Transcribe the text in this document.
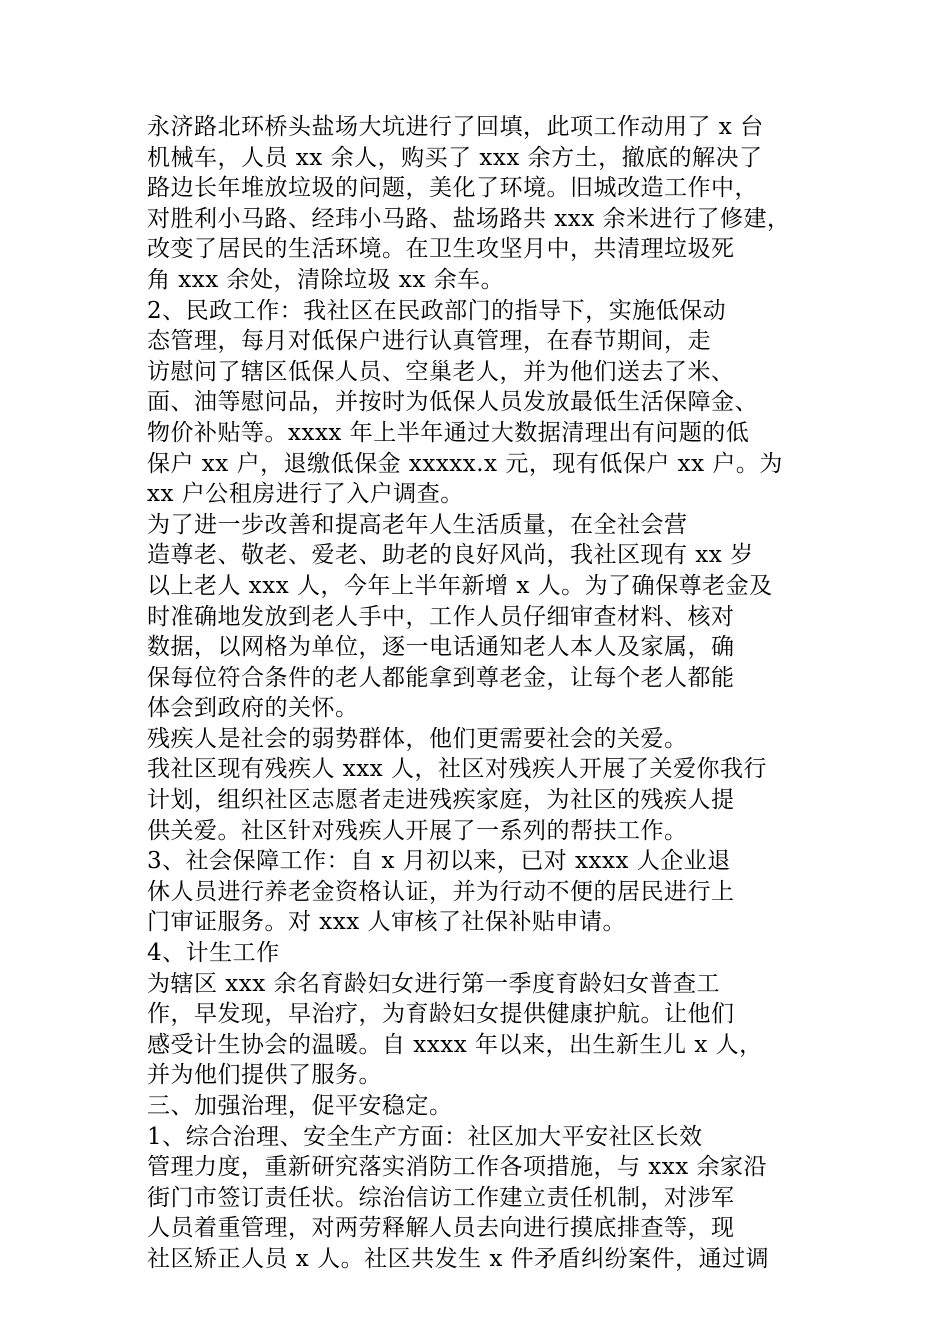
永济路北环桥头盐场大坑进行了回填，此项工作动用了 x 台
机械车，人员 xx 余人，购买了 xxx 余方土，撤底的解决了
路边长年堆放垃圾的问题，美化了环境。旧城改造工作中，
对胜利小马路、经玮小马路、盐场路共 xxx 余米进行了修建，
改变了居民的生活环境。在卫生攻坚月中，共清理垃圾死
角 xxx 余处，清除垃圾 xx 余车。
2、民政工作：我社区在民政部门的指导下，实施低保动
态管理，每月对低保户进行认真管理，在春节期间，走
访慰问了辖区低保人员、空巢老人，并为他们送去了米、
面、油等慰问品，并按时为低保人员发放最低生活保障金、
物价补贴等。xxxx 年上半年通过大数据清理出有问题的低
保户 xx 户，退缴低保金 xxxxx.x 元，现有低保户 xx 户。为
xx 户公租房进行了入户调查。
为了进一步改善和提高老年人生活质量，在全社会营
造尊老、敬老、爱老、助老的良好风尚，我社区现有 xx 岁
以上老人 xxx 人，今年上半年新增 x 人。为了确保尊老金及
时准确地发放到老人手中，工作人员仔细审查材料、核对
数据，以网格为单位，逐一电话通知老人本人及家属，确
保每位符合条件的老人都能拿到尊老金，让每个老人都能
体会到政府的关怀。
残疾人是社会的弱势群体，他们更需要社会的关爱。
我社区现有残疾人 xxx 人，社区对残疾人开展了关爱你我行
计划，组织社区志愿者走进残疾家庭，为社区的残疾人提
供关爱。社区针对残疾人开展了一系列的帮扶工作。
3、社会保障工作：自 x 月初以来，已对 xxxx 人企业退
休人员进行养老金资格认证，并为行动不便的居民进行上
门审证服务。对 xxx 人审核了社保补贴申请。
4、计生工作
为辖区 xxx 余名育龄妇女进行第一季度育龄妇女普查工
作，早发现，早治疗，为育龄妇女提供健康护航。让他们
感受计生协会的温暖。自 xxxx 年以来，出生新生儿 x 人，
并为他们提供了服务。
三、加强治理，促平安稳定。
1、综合治理、安全生产方面：社区加大平安社区长效
管理力度，重新研究落实消防工作各项措施，与 xxx 余家沿
街门市签订责任状。综治信访工作建立责任机制，对涉军
人员着重管理，对两劳释解人员去向进行摸底排查等，现
社区矫正人员 x 人。社区共发生 x 件矛盾纠纷案件，通过调
